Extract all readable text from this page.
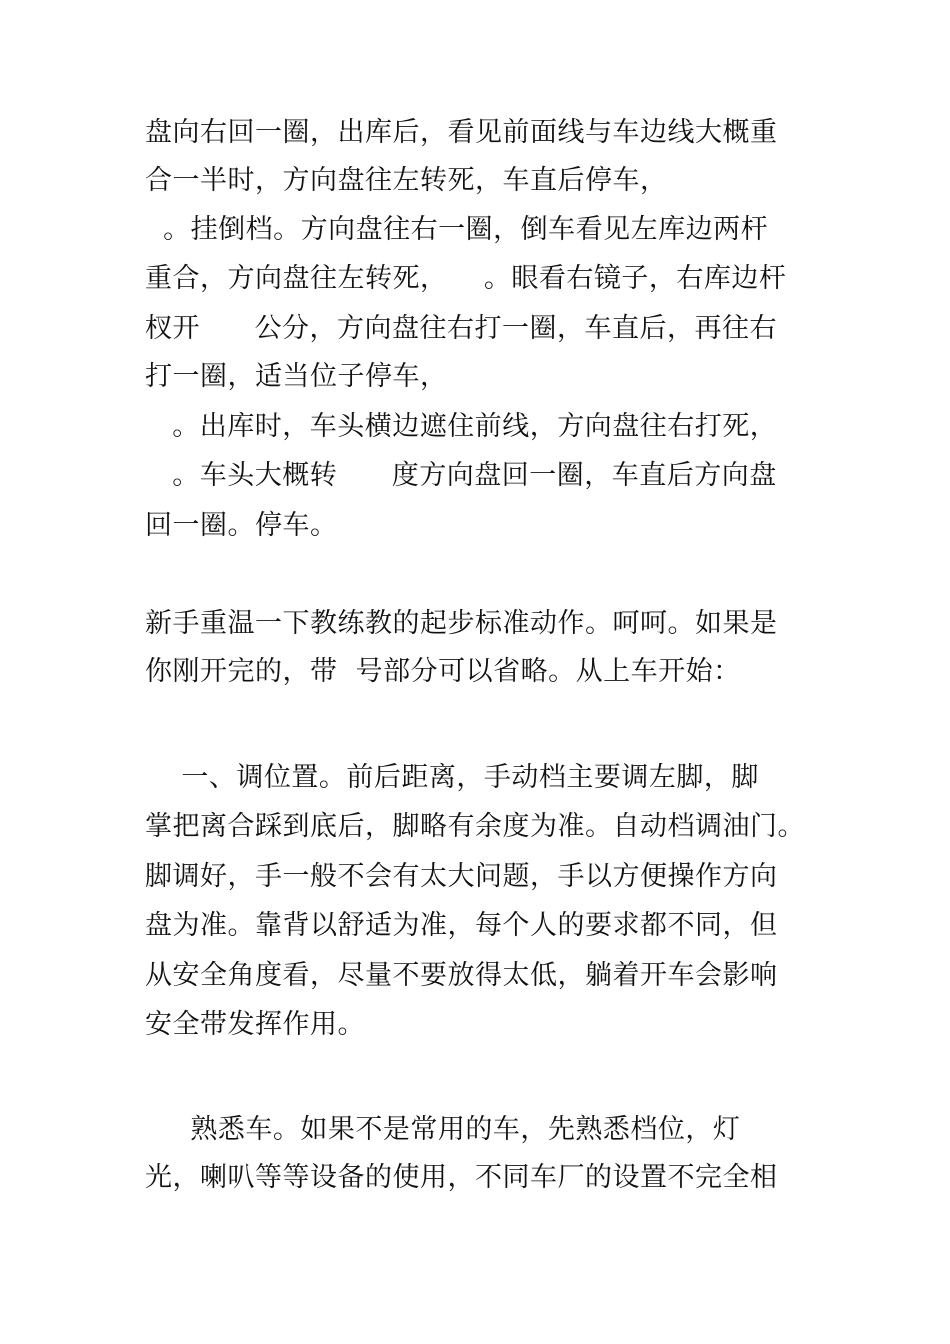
盘向右回一圈，出库后，看见前面线与车边线大概重
合一半时，方向盘往左转死，车直后停车，
。挂倒档。方向盘往右一圈，倒车看见左库边两杆
重合，方向盘往左转死，    。眼看右镜子，右库边杆
杈开      公分，方向盘往右打一圈，车直后，再往右
打一圈，适当位子停车，
。出库时，车头横边遮住前线，方向盘往右打死，
。车头大概转      度方向盘回一圈，车直后方向盘
回一圈。停车。
新手重温一下教练教的起步标准动作。呵呵。如果是
你刚开完的，带  号部分可以省略。从上车开始：
一、调位置。前后距离，手动档主要调左脚，脚
掌把离合踩到底后，脚略有余度为准。自动档调油门。
脚调好，手一般不会有太大问题，手以方便操作方向
盘为准。靠背以舒适为准，每个人的要求都不同，但
从安全角度看，尽量不要放得太低，躺着开车会影响
安全带发挥作用。
熟悉车。如果不是常用的车，先熟悉档位，灯
光，喇叭等等设备的使用，不同车厂的设置不完全相
